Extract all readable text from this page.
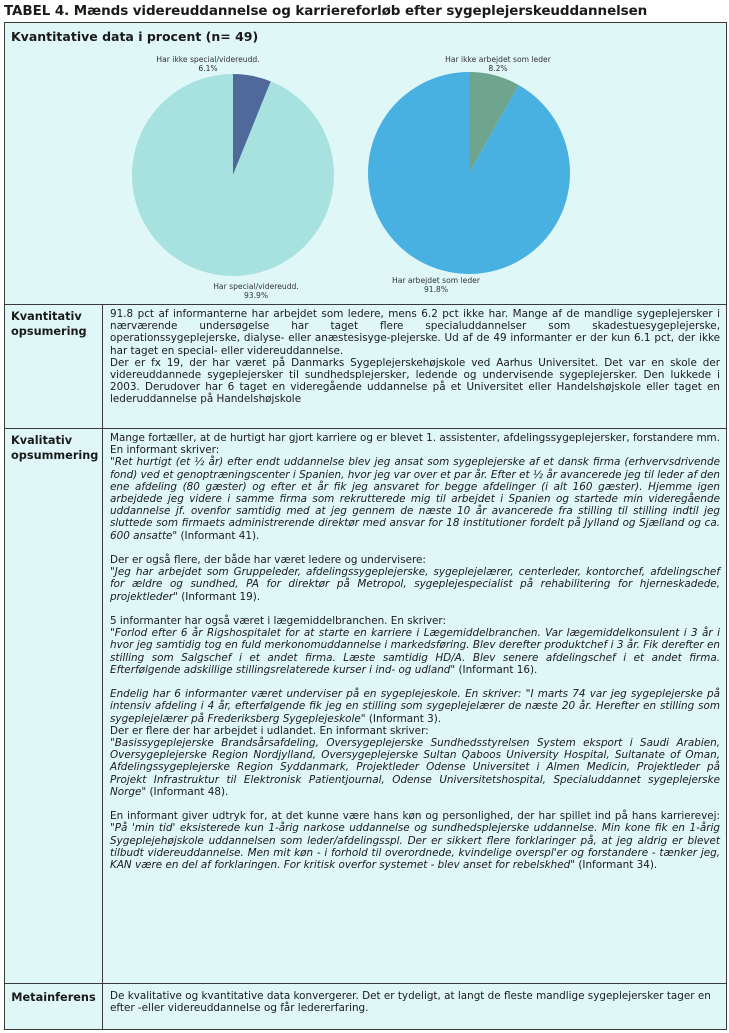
TABEL 4. Mænds videreuddannelse og karriereforløb efter sygeplejerskeuddannelsen
Kvantitative data i procent (n= 49)
Har ikke special/videreudd.
6.1%
Har special/videreudd.
93.9%
Har ikke arbejdet som leder
8.2%
Har arbejdet som leder
91.8%
Kvantitativ opsumering

91.8 pct af informanterne har arbejdet som ledere, mens 6.2 pct ikke har. Mange af de mandlige sygeplejersker i nærværende undersøgelse har taget flere specialuddannelser som skadestuesygeplejerske, operationssygeplejerske, dialyse- eller anæstesisyge-plejerske. Ud af de 49 informanter er der kun 6.1 pct, der ikke har taget en special- eller videreuddannelse.

Der er fx 19, der har været på Danmarks Sygeplejerskehøjskole ved Aarhus Universitet. Det var en skole der videreuddannede sygeplejersker til sundhedsplejersker, ledende og undervisende sygeplejersker. Den lukkede i 2003. Derudover har 6 taget en videregående uddannelse på et Universitet eller Handelshøjskole eller taget en lederuddannelse på Handelshøjskole

Kvalitativ opsummering

Mange fortæller, at de hurtigt har gjort karriere og er blevet 1. assistenter, afdelingssygeplejersker, forstandere mm. En informant skriver:

"Ret hurtigt (et ½ år) efter endt uddannelse blev jeg ansat som sygeplejerske af et dansk firma (erhvervsdrivende fond) ved et genoptræningscenter i Spanien, hvor jeg var over et par år. Efter et ½ år avancerede jeg til leder af den ene afdeling (80 gæster) og efter et år fik jeg ansvaret for begge afdelinger (i alt 160 gæster). Hjemme igen arbejdede jeg videre i samme firma som rekrutterede mig til arbejdet i Spanien og startede min videregående uddannelse jf. ovenfor samtidig med at jeg gennem de næste 10 år avancerede fra stilling til stilling indtil jeg sluttede som firmaets administrerende direktør med ansvar for 18 institutioner fordelt på Jylland og Sjælland og ca. 600 ansatte" (Informant 41).

Der er også flere, der både har været ledere og undervisere:

"Jeg har arbejdet som Gruppeleder, afdelingssygeplejerske, sygeplejelærer, centerleder, kontorchef, afdelingschef for ældre og sundhed, PA for direktør på Metropol, sygeplejespecialist på rehabilitering for hjerneskadede, projektleder" (Informant 19).

5 informanter har også været i lægemiddelbranchen. En skriver:

"Forlod efter 6 år Rigshospitalet for at starte en karriere i Lægemiddelbranchen. Var lægemiddelkonsulent i 3 år i hvor jeg samtidig tog en fuld merkonomuddannelse i markedsføring. Blev derefter produktchef i 3 år. Fik derefter en stilling som Salgschef i et andet firma. Læste samtidig HD/A. Blev senere afdelingschef i et andet firma. Efterfølgende adskillige stillingsrelaterede kurser i ind- og udland" (Informant 16).

Endelig har 6 informanter været underviser på en sygeplejeskole. En skriver: "I marts 74 var jeg sygeplejerske på intensiv afdeling i 4 år, efterfølgende fik jeg en stilling som sygeplejelærer de næste 20 år. Herefter en stilling som sygeplejelærer på Frederiksberg Sygeplejeskole" (Informant 3).

Der er flere der har arbejdet i udlandet. En informant skriver:

"Basissygeplejerske Brandsårsafdeling, Oversygeplejerske Sundhedsstyrelsen System eksport i Saudi Arabien, Oversygeplejerske Region Nordjylland, Oversygeplejerske Sultan Qaboos University Hospital, Sultanate of Oman, Afdelingssygeplejerske Region Syddanmark, Projektleder Odense Universitet i Almen Medicin, Projektleder på Projekt Infrastruktur til Elektronisk Patientjournal, Odense Universitetshospital, Specialuddannet sygeplejerske Norge" (Informant 48).

En informant giver udtryk for, at det kunne være hans køn og personlighed, der har spillet ind på hans karrierevej: "På 'min tid' eksisterede kun 1-årig narkose uddannelse og sundhedsplejerske uddannelse. Min kone fik en 1-årig Sygeplejehøjskole uddannelsen som leder/afdelingsspl. Der er sikkert flere forklaringer på, at jeg aldrig er blevet tilbudt videreuddannelse. Men mit køn - i forhold til overordnede, kvindelige overspl'er og forstandere - tænker jeg, KAN være en del af forklaringen. For kritisk overfor systemet - blev anset for rebelskhed" (Informant 34).

Metainferens	De kvalitative og kvantitative data konvergerer. Det er tydeligt, at langt de fleste mandlige sygeplejersker tager en efter -eller videreuddannelse og får ledererfaring.
